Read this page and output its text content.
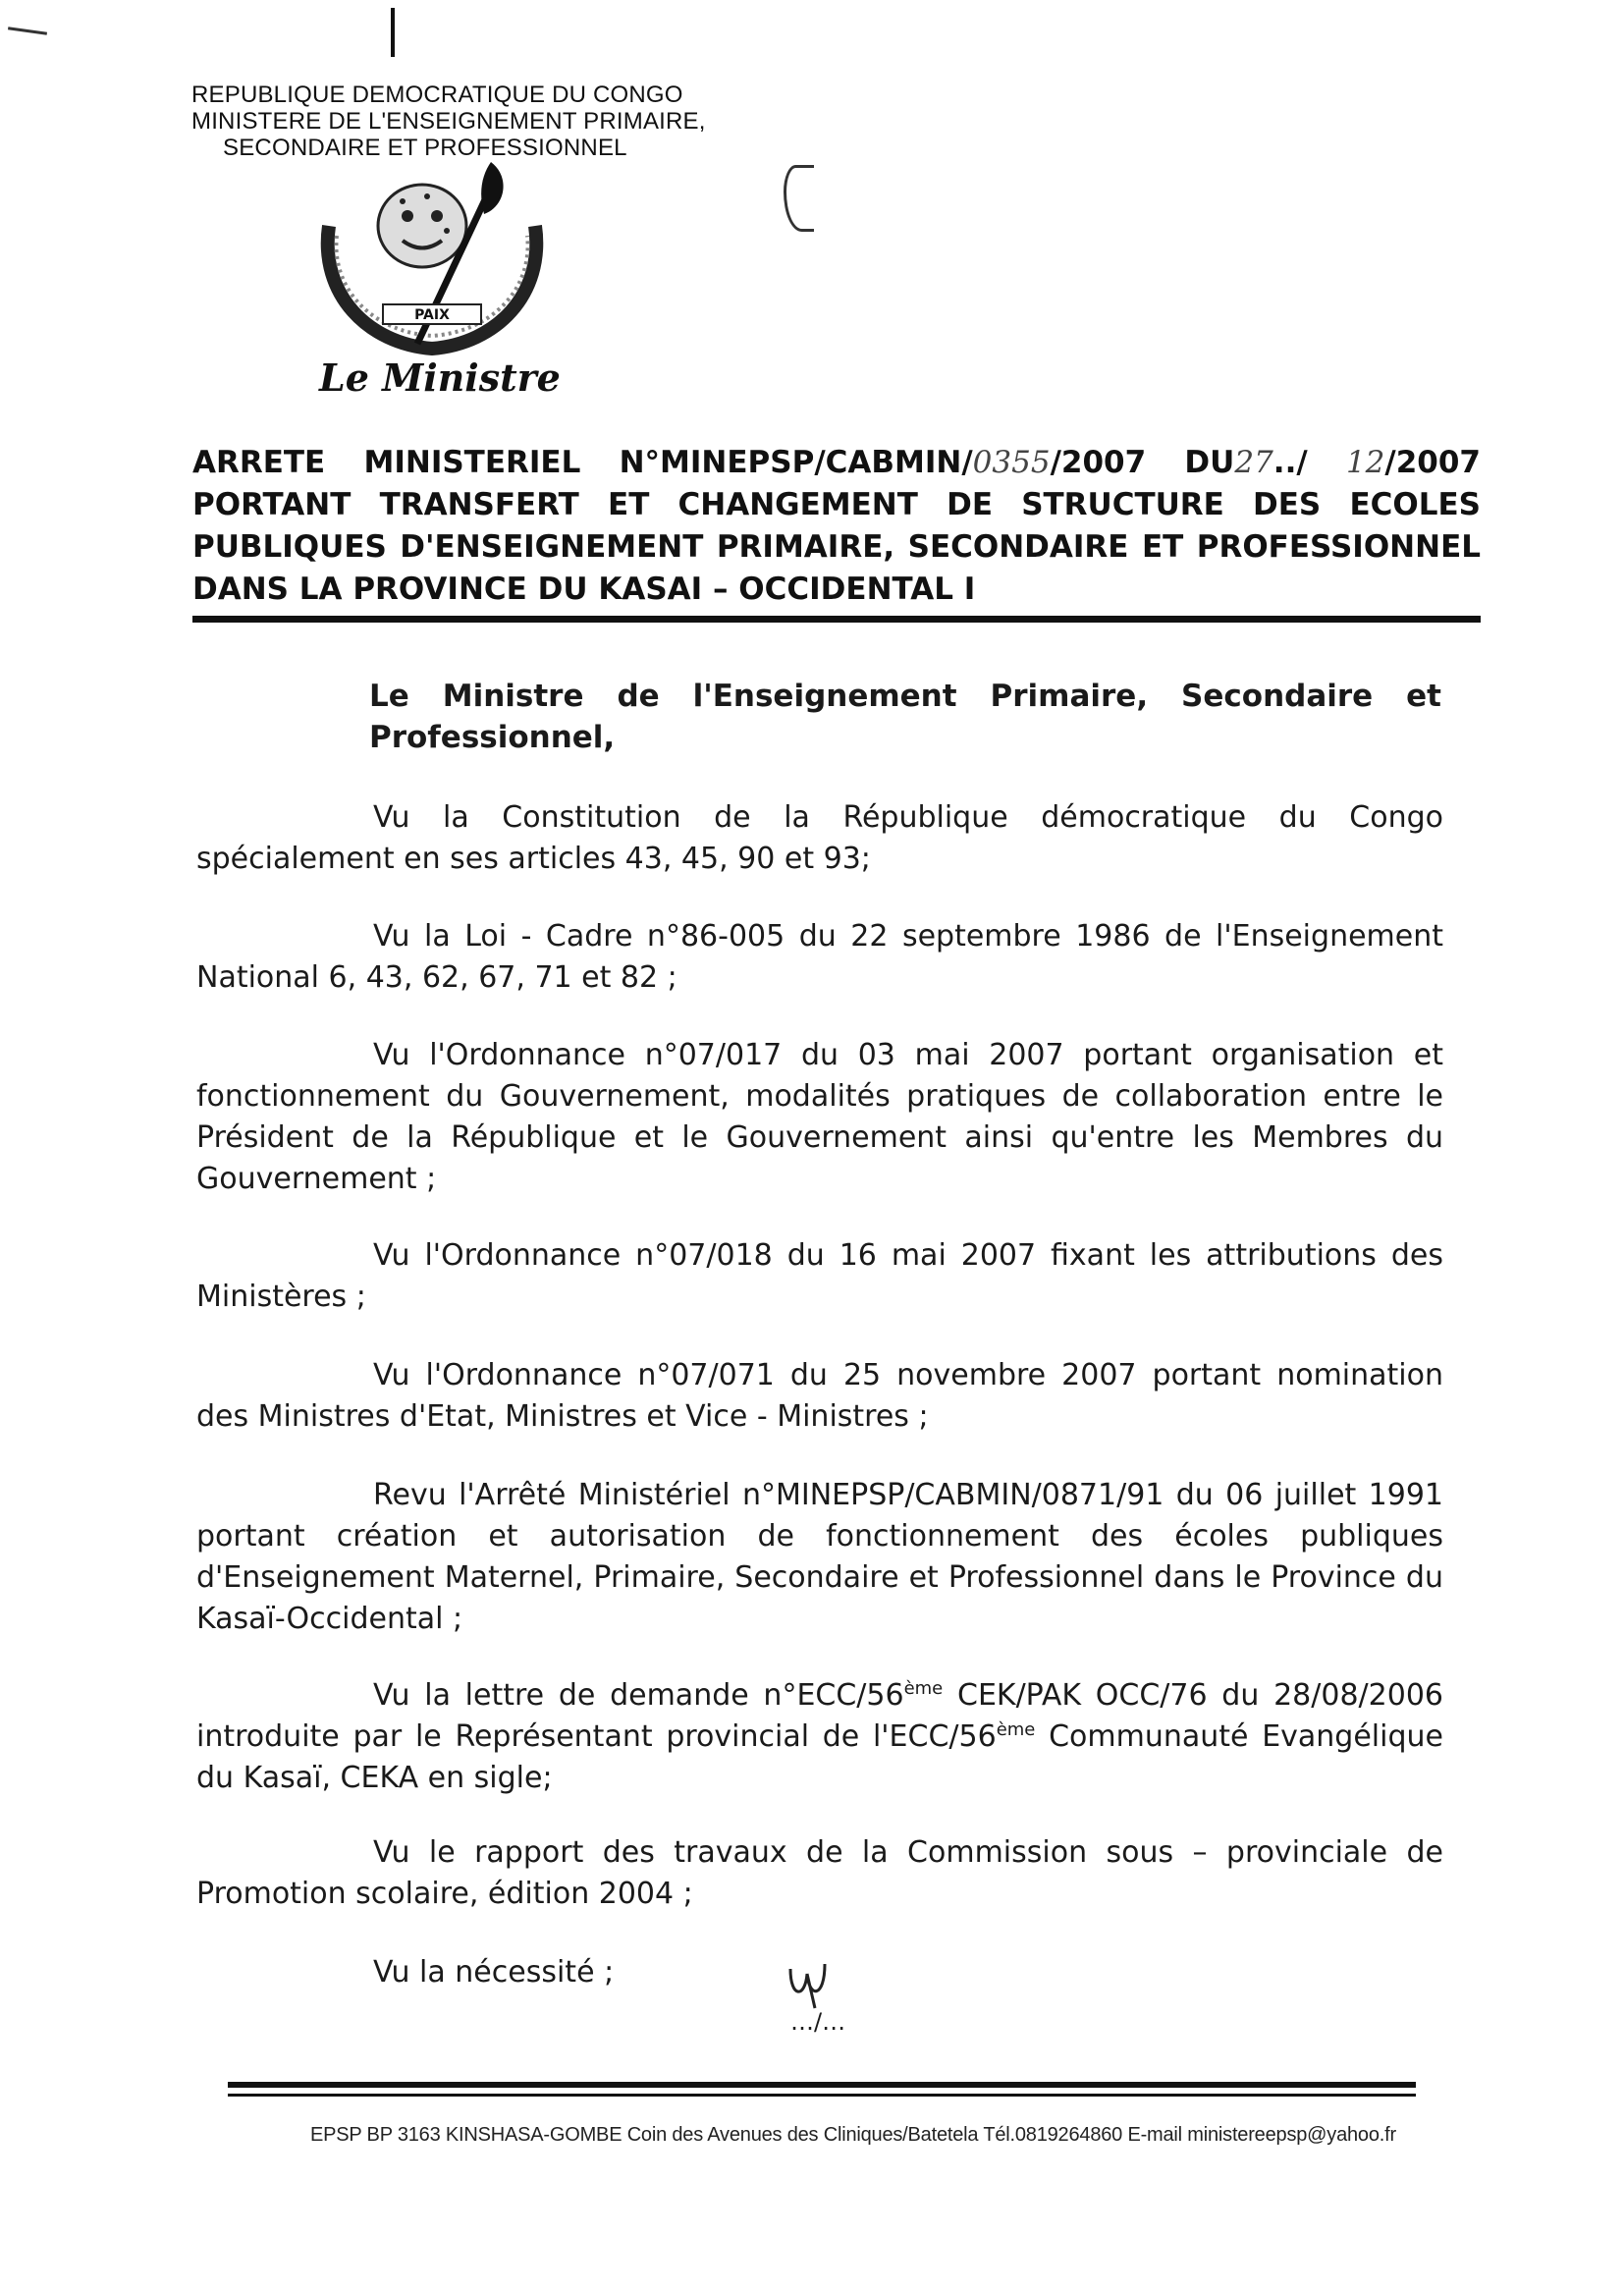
REPUBLIQUE DEMOCRATIQUE DU CONGO
MINISTERE DE L'ENSEIGNEMENT PRIMAIRE,
SECONDAIRE ET PROFESSIONNEL
PAIX
Le Ministre
ARRETE MINISTERIEL N°MINEPSP/CABMIN/0355/2007 DU27../ 12/2007
PORTANT TRANSFERT ET CHANGEMENT DE STRUCTURE DES ECOLES
PUBLIQUES D'ENSEIGNEMENT PRIMAIRE, SECONDAIRE ET PROFESSIONNEL
DANS LA PROVINCE DU KASAI – OCCIDENTAL I
Le Ministre de l'Enseignement Primaire, Secondaire et Professionnel,
Vu la Constitution de la République démocratique du Congo spécialement en ses articles 43, 45, 90 et 93;
Vu la Loi - Cadre n°86-005 du 22 septembre 1986 de l'Enseignement National 6, 43, 62, 67, 71 et 82 ;
Vu l'Ordonnance n°07/017 du 03 mai 2007 portant organisation et fonctionnement du Gouvernement, modalités pratiques de collaboration entre le Président de la République et le Gouvernement ainsi qu'entre les Membres du Gouvernement ;
Vu l'Ordonnance n°07/018 du 16 mai 2007 fixant les attributions des Ministères ;
Vu l'Ordonnance n°07/071 du 25 novembre 2007 portant nomination des Ministres d'Etat, Ministres et Vice - Ministres ;
Revu l'Arrêté Ministériel n°MINEPSP/CABMIN/0871/91 du 06 juillet 1991 portant création et autorisation de fonctionnement des écoles publiques d'Enseignement Maternel, Primaire, Secondaire et Professionnel dans le Province du Kasaï-Occidental ;
Vu la lettre de demande n°ECC/56ème CEK/PAK OCC/76 du 28/08/2006 introduite par le Représentant provincial de l'ECC/56ème Communauté Evangélique du Kasaï, CEKA en sigle;
Vu le rapport des travaux de la Commission sous – provinciale de Promotion scolaire, édition 2004 ;
Vu la nécessité ;
…/…
EPSP BP 3163 KINSHASA-GOMBE Coin des Avenues des Cliniques/Batetela Tél.0819264860 E-mail ministereepsp@yahoo.fr
